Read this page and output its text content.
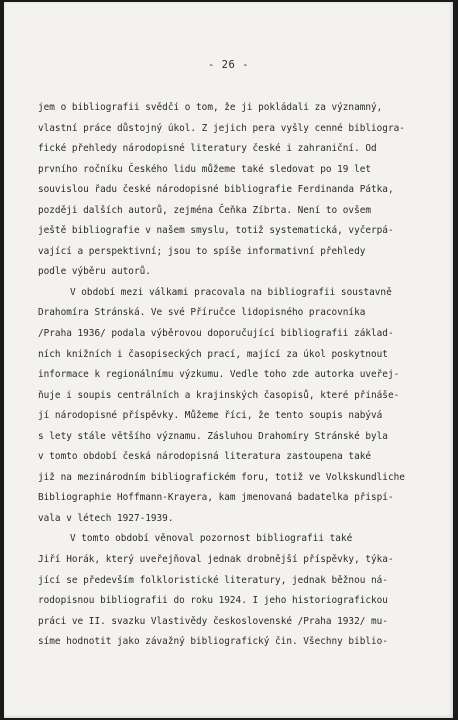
- 26 -
jem o bibliografii svědčí o tom, že ji pokládali za významný,
vlastní práce důstojný úkol. Z jejich pera vyšly cenné bibliogra-
fické přehledy národopisné literatury české i zahraniční. Od
prvního ročníku Českého lidu můžeme také sledovat po 19 let
souvislou řadu české národopisné bibliografie Ferdinanda Pátka,
později dalších autorů, zejména Čeňka Zíbrta. Není to ovšem
ještě bibliografie v našem smyslu, totiž systematická, vyčerpá-
vající a perspektivní; jsou to spíše informativní přehledy
podle výběru autorů.
V období mezi válkami pracovala na bibliografii soustavně
Drahomíra Stránská. Ve své Příručce lidopisného pracovníka
/Praha 1936/ podala výběrovou doporučující bibliografii základ-
ních knižních i časopiseckých prací, mající za úkol poskytnout
informace k regionálnímu výzkumu. Vedle toho zde autorka uveřej-
ňuje i soupis centrálních a krajinských časopisů, které přináše-
jí národopisné příspěvky. Můžeme říci, že tento soupis nabývá
s lety stále většího významu. Zásluhou Drahomíry Stránské byla
v tomto období česká národopisná literatura zastoupena také
již na mezinárodním bibliografickém foru, totiž ve Volkskundliche
Bibliographie Hoffmann-Krayera, kam jmenovaná badatelka přispí-
vala v létech 1927-1939.
V tomto období věnoval pozornost bibliografii také
Jiří Horák, který uveřejňoval jednak drobnější příspěvky, týka-
jící se především folkloristické literatury, jednak běžnou ná-
rodopisnou bibliografii do roku 1924. I jeho historiografickou
práci ve II. svazku Vlastivědy československé /Praha 1932/ mu-
síme hodnotit jako závažný bibliografický čin. Všechny biblio-
